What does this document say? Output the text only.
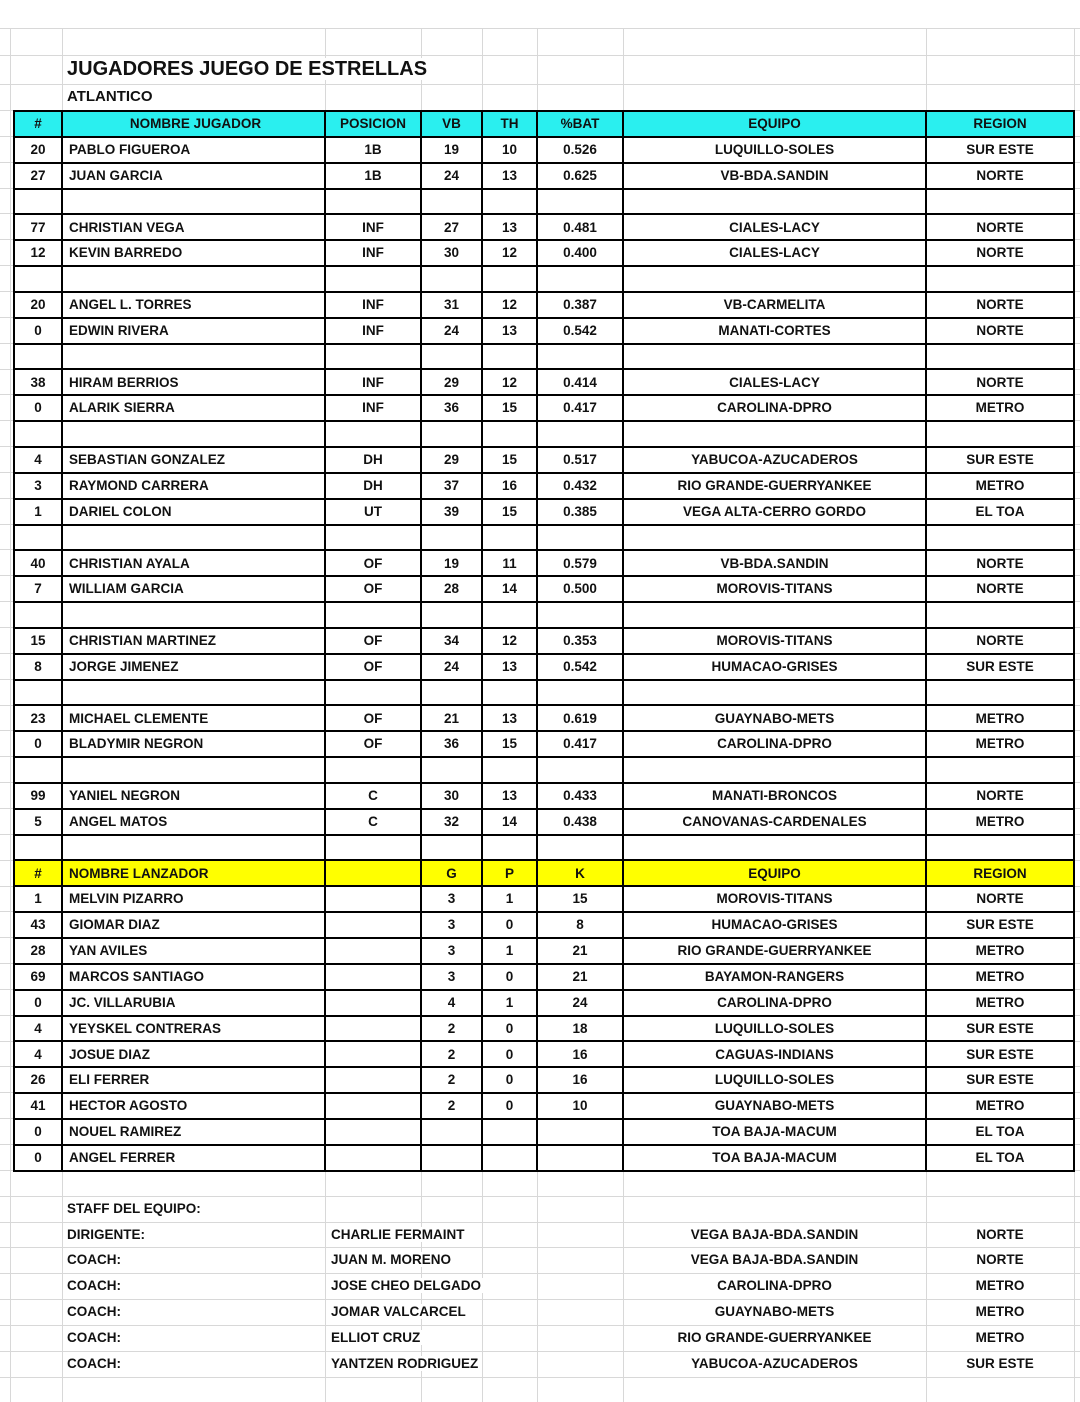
JUGADORES JUEGO DE ESTRELLAS
ATLANTICO
#	NOMBRE JUGADOR	POSICION	VB	TH	%BAT	EQUIPO	REGION
20	PABLO FIGUEROA	1B	19	10	0.526	LUQUILLO-SOLES	SUR ESTE
27	JUAN GARCIA	1B	24	13	0.625	VB-BDA.SANDIN	NORTE

77	CHRISTIAN VEGA	INF	27	13	0.481	CIALES-LACY	NORTE
12	KEVIN BARREDO	INF	30	12	0.400	CIALES-LACY	NORTE

20	ANGEL L. TORRES	INF	31	12	0.387	VB-CARMELITA	NORTE
0	EDWIN RIVERA	INF	24	13	0.542	MANATI-CORTES	NORTE

38	HIRAM BERRIOS	INF	29	12	0.414	CIALES-LACY	NORTE
0	ALARIK SIERRA	INF	36	15	0.417	CAROLINA-DPRO	METRO

4	SEBASTIAN GONZALEZ	DH	29	15	0.517	YABUCOA-AZUCADEROS	SUR ESTE
3	RAYMOND CARRERA	DH	37	16	0.432	RIO GRANDE-GUERRYANKEE	METRO
1	DARIEL COLON	UT	39	15	0.385	VEGA ALTA-CERRO GORDO	EL TOA

40	CHRISTIAN AYALA	OF	19	11	0.579	VB-BDA.SANDIN	NORTE
7	WILLIAM GARCIA	OF	28	14	0.500	MOROVIS-TITANS	NORTE

15	CHRISTIAN MARTINEZ	OF	34	12	0.353	MOROVIS-TITANS	NORTE
8	JORGE JIMENEZ	OF	24	13	0.542	HUMACAO-GRISES	SUR ESTE

23	MICHAEL CLEMENTE	OF	21	13	0.619	GUAYNABO-METS	METRO
0	BLADYMIR NEGRON	OF	36	15	0.417	CAROLINA-DPRO	METRO

99	YANIEL NEGRON	C	30	13	0.433	MANATI-BRONCOS	NORTE
5	ANGEL MATOS	C	32	14	0.438	CANOVANAS-CARDENALES	METRO

#	NOMBRE LANZADOR		G	P	K	EQUIPO	REGION
1	MELVIN PIZARRO		3	1	15	MOROVIS-TITANS	NORTE
43	GIOMAR DIAZ		3	0	8	HUMACAO-GRISES	SUR ESTE
28	YAN AVILES		3	1	21	RIO GRANDE-GUERRYANKEE	METRO
69	MARCOS SANTIAGO		3	0	21	BAYAMON-RANGERS	METRO
0	JC. VILLARUBIA		4	1	24	CAROLINA-DPRO	METRO
4	YEYSKEL CONTRERAS		2	0	18	LUQUILLO-SOLES	SUR ESTE
4	JOSUE DIAZ		2	0	16	CAGUAS-INDIANS	SUR ESTE
26	ELI FERRER		2	0	16	LUQUILLO-SOLES	SUR ESTE
41	HECTOR AGOSTO		2	0	10	GUAYNABO-METS	METRO
0	NOUEL RAMIREZ					TOA BAJA-MACUM	EL TOA
0	ANGEL FERRER					TOA BAJA-MACUM	EL TOA
STAFF DEL EQUIPO:
DIRIGENTE:	CHARLIE FERMAINT	VEGA BAJA-BDA.SANDIN	NORTE
COACH:	JUAN M. MORENO	VEGA BAJA-BDA.SANDIN	NORTE
COACH:	JOSE CHEO DELGADO	CAROLINA-DPRO	METRO
COACH:	JOMAR VALCARCEL	GUAYNABO-METS	METRO
COACH:	ELLIOT CRUZ	RIO GRANDE-GUERRYANKEE	METRO
COACH:	YANTZEN RODRIGUEZ	YABUCOA-AZUCADEROS	SUR ESTE
